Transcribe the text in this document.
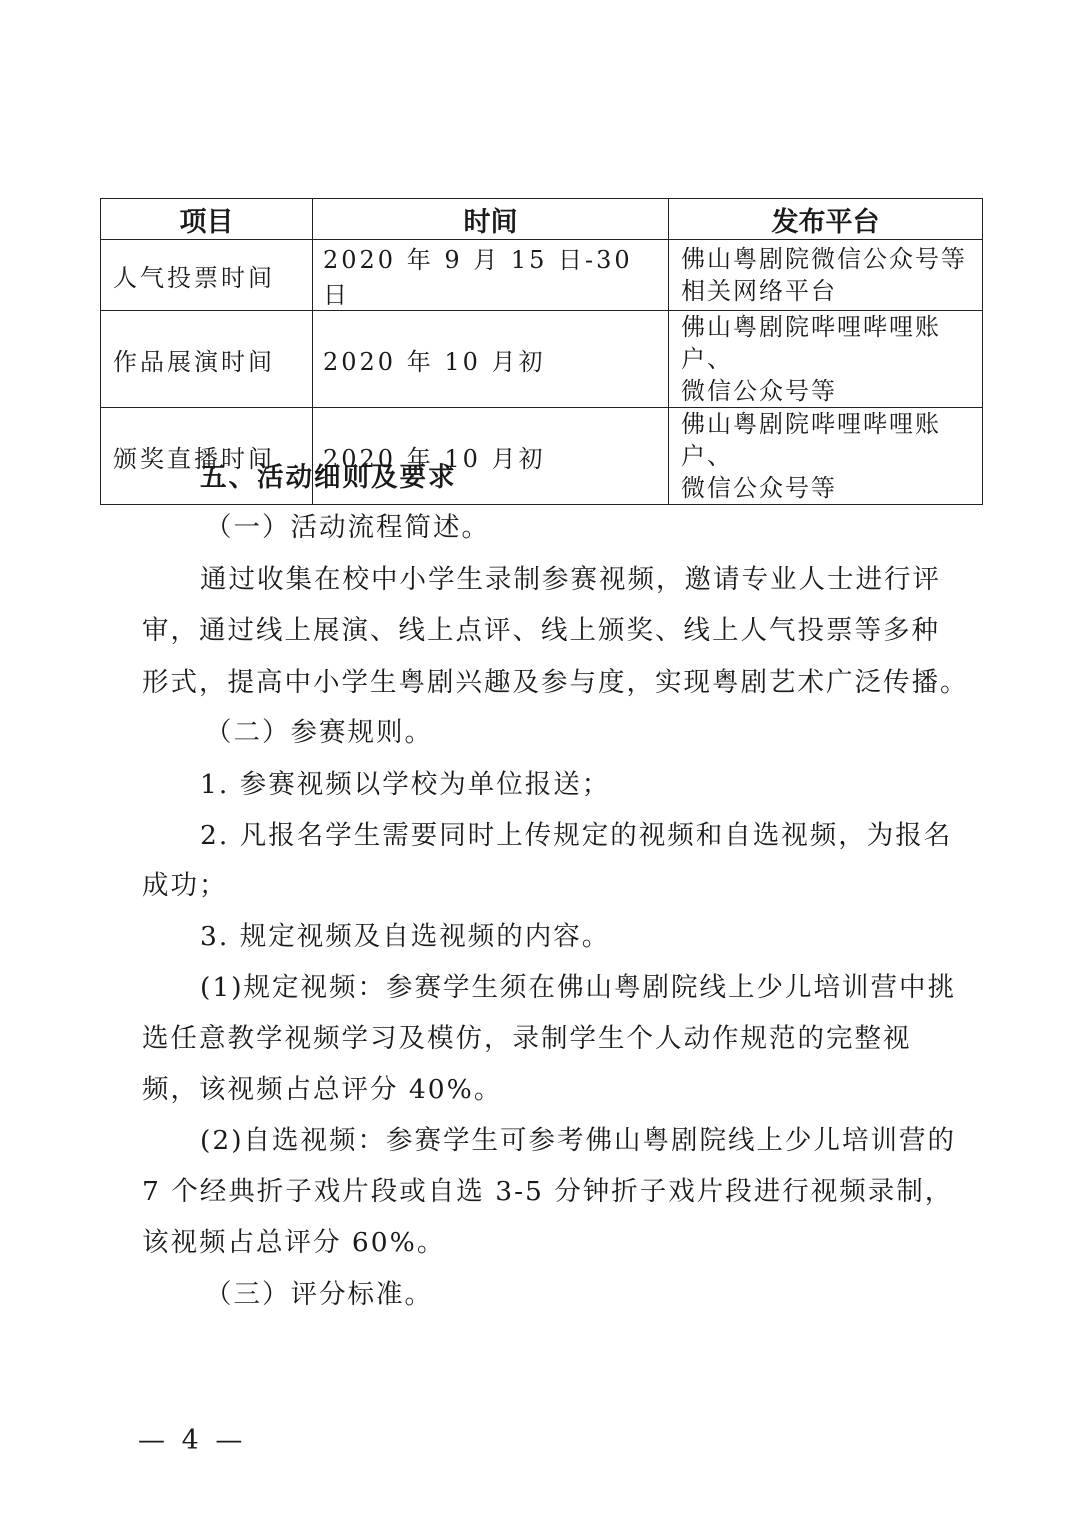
项目	时间	发布平台
人气投票时间	2020 年 9 月 15 日-30 日	佛山粤剧院微信公众号等
相关网络平台
作品展演时间	2020 年 10 月初	佛山粤剧院哔哩哔哩账户、
微信公众号等
颁奖直播时间	2020 年 10 月初	佛山粤剧院哔哩哔哩账户、
微信公众号等
五、活动细则及要求
（一）活动流程简述。
通过收集在校中小学生录制参赛视频，邀请专业人士进行评
审，通过线上展演、线上点评、线上颁奖、线上人气投票等多种
形式，提高中小学生粤剧兴趣及参与度，实现粤剧艺术广泛传播。
（二）参赛规则。
1. 参赛视频以学校为单位报送；
2. 凡报名学生需要同时上传规定的视频和自选视频，为报名
成功；
3. 规定视频及自选视频的内容。
(1)规定视频：参赛学生须在佛山粤剧院线上少儿培训营中挑
选任意教学视频学习及模仿，录制学生个人动作规范的完整视
频，该视频占总评分 40%。
(2)自选视频：参赛学生可参考佛山粤剧院线上少儿培训营的
7 个经典折子戏片段或自选 3-5 分钟折子戏片段进行视频录制，
该视频占总评分 60%。
（三）评分标准。
— 4 —
